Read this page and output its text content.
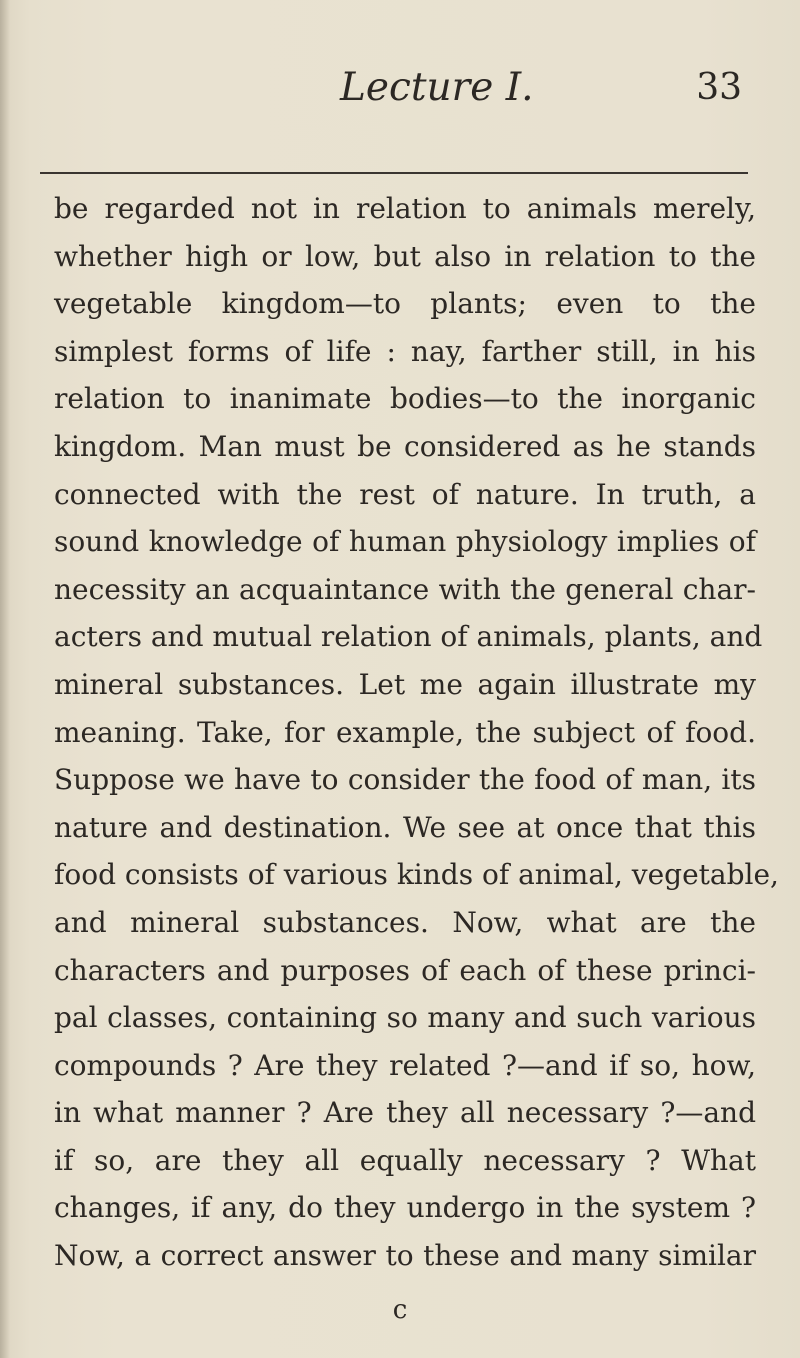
Lecture I.	33
be regarded not in relation to animals merely,
whether high or low, but also in relation to the
vegetable kingdom—to plants; even to the
simplest forms of life : nay, farther still, in his
relation to inanimate bodies—to the inorganic
kingdom. Man must be considered as he stands
connected with the rest of nature. In truth, a
sound knowledge of human physiology implies of
necessity an acquaintance with the general char-
acters and mutual relation of animals, plants, and
mineral substances. Let me again illustrate my
meaning. Take, for example, the subject of food.
Suppose we have to consider the food of man, its
nature and destination. We see at once that this
food consists of various kinds of animal, vegetable,
and mineral substances. Now, what are the
characters and purposes of each of these princi-
pal classes, containing so many and such various
compounds ? Are they related ?—and if so, how,
in what manner ? Are they all necessary ?—and
if so, are they all equally necessary ? What
changes, if any, do they undergo in the system ?
Now, a correct answer to these and many similar
c
